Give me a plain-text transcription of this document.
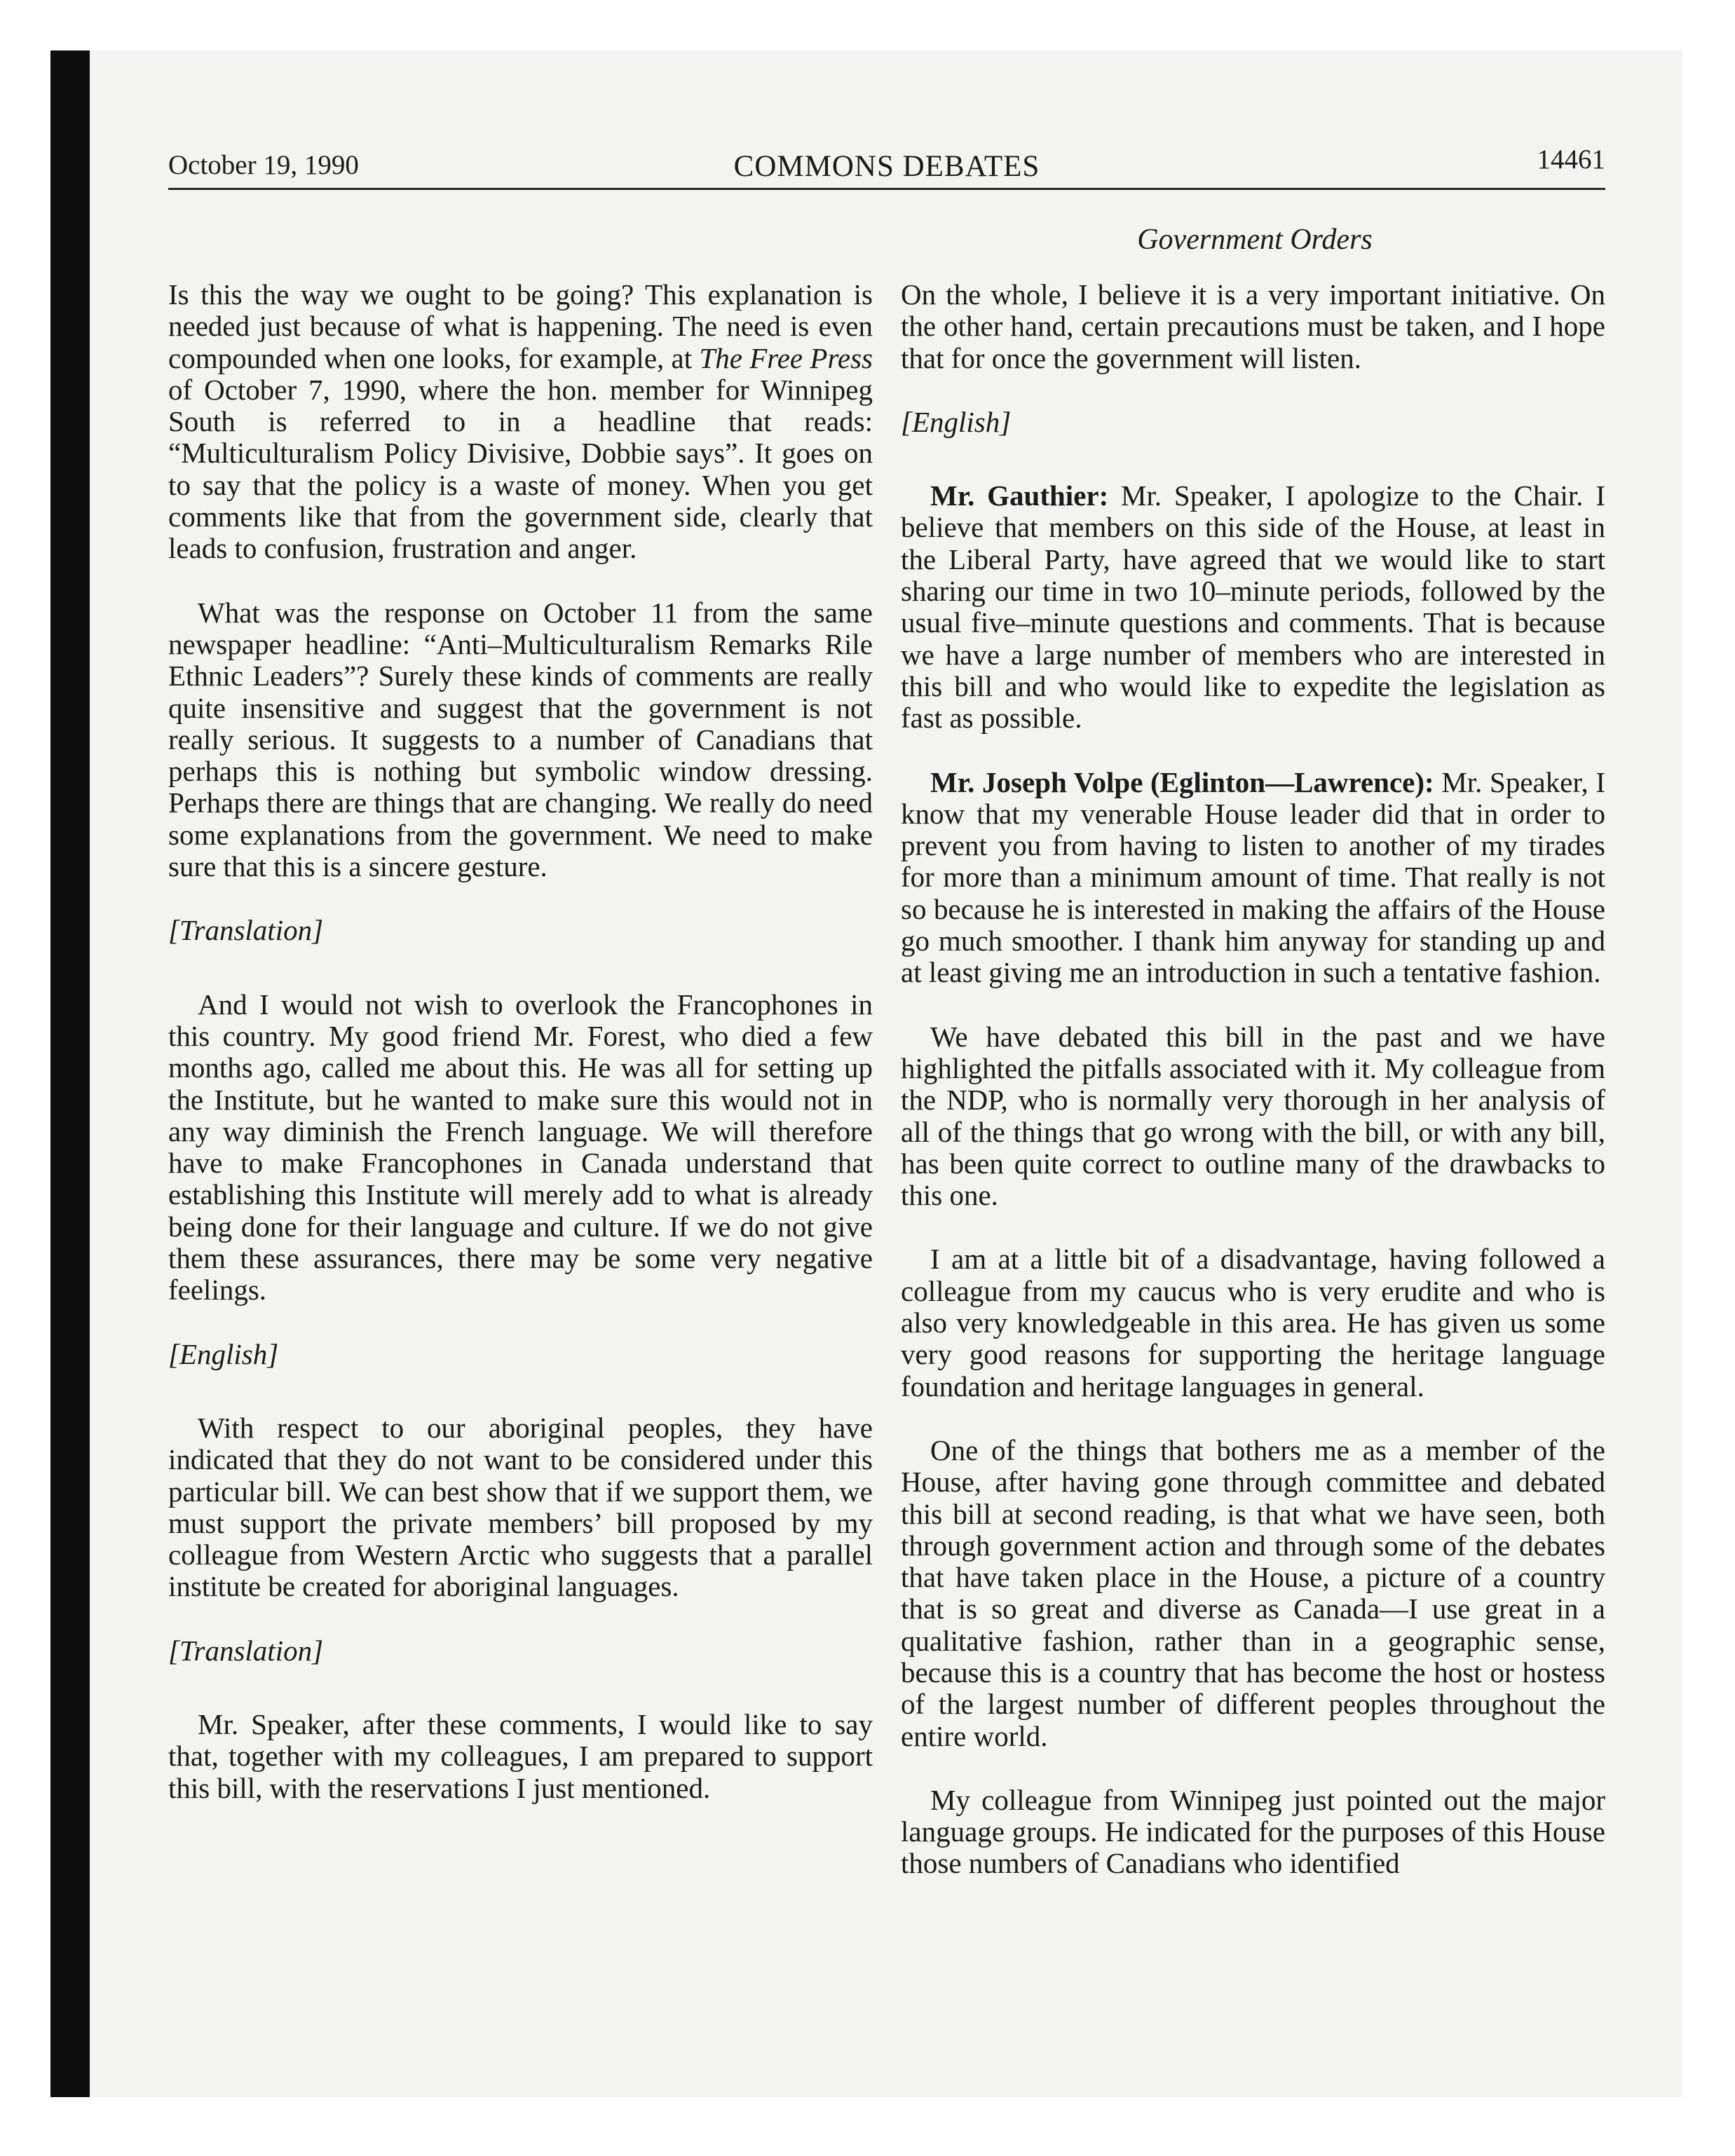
October 19, 1990	COMMONS DEBATES	14461
Government Orders

Is this the way we ought to be going? This explanation is needed just because of what is happening. The need is even compounded when one looks, for example, at The Free Press of October 7, 1990, where the hon. member for Winnipeg South is referred to in a headline that reads: “Multiculturalism Policy Divisive, Dobbie says”. It goes on to say that the policy is a waste of money. When you get comments like that from the government side, clearly that leads to confusion, frustration and anger.

What was the response on October 11 from the same newspaper headline: “Anti–Multiculturalism Remarks Rile Ethnic Leaders”? Surely these kinds of comments are really quite insensitive and suggest that the government is not really serious. It suggests to a number of Canadians that perhaps this is nothing but symbolic window dressing. Perhaps there are things that are changing. We really do need some explanations from the government. We need to make sure that this is a sincere gesture.

[Translation]

And I would not wish to overlook the Francophones in this country. My good friend Mr. Forest, who died a few months ago, called me about this. He was all for setting up the Institute, but he wanted to make sure this would not in any way diminish the French language. We will therefore have to make Francophones in Canada understand that establishing this Institute will merely add to what is already being done for their language and culture. If we do not give them these assurances, there may be some very negative feelings.

[English]

With respect to our aboriginal peoples, they have indicated that they do not want to be considered under this particular bill. We can best show that if we support them, we must support the private members’ bill proposed by my colleague from Western Arctic who suggests that a parallel institute be created for aboriginal languages.

[Translation]

Mr. Speaker, after these comments, I would like to say that, together with my colleagues, I am prepared to support this bill, with the reservations I just mentioned.

On the whole, I believe it is a very important initiative. On the other hand, certain precautions must be taken, and I hope that for once the government will listen.

[English]

Mr. Gauthier: Mr. Speaker, I apologize to the Chair. I believe that members on this side of the House, at least in the Liberal Party, have agreed that we would like to start sharing our time in two 10–minute periods, followed by the usual five–minute questions and comments. That is because we have a large number of members who are interested in this bill and who would like to expedite the legislation as fast as possible.

Mr. Joseph Volpe (Eglinton—Lawrence): Mr. Speaker, I know that my venerable House leader did that in order to prevent you from having to listen to another of my tirades for more than a minimum amount of time. That really is not so because he is interested in making the affairs of the House go much smoother. I thank him anyway for standing up and at least giving me an introduction in such a tentative fashion.

We have debated this bill in the past and we have highlighted the pitfalls associated with it. My colleague from the NDP, who is normally very thorough in her analysis of all of the things that go wrong with the bill, or with any bill, has been quite correct to outline many of the drawbacks to this one.

I am at a little bit of a disadvantage, having followed a colleague from my caucus who is very erudite and who is also very knowledgeable in this area. He has given us some very good reasons for supporting the heritage language foundation and heritage languages in general.

One of the things that bothers me as a member of the House, after having gone through committee and debated this bill at second reading, is that what we have seen, both through government action and through some of the debates that have taken place in the House, a picture of a country that is so great and diverse as Canada—I use great in a qualitative fashion, rather than in a geographic sense, because this is a country that has become the host or hostess of the largest number of different peoples throughout the entire world.

My colleague from Winnipeg just pointed out the major language groups. He indicated for the purposes of this House those numbers of Canadians who identified
